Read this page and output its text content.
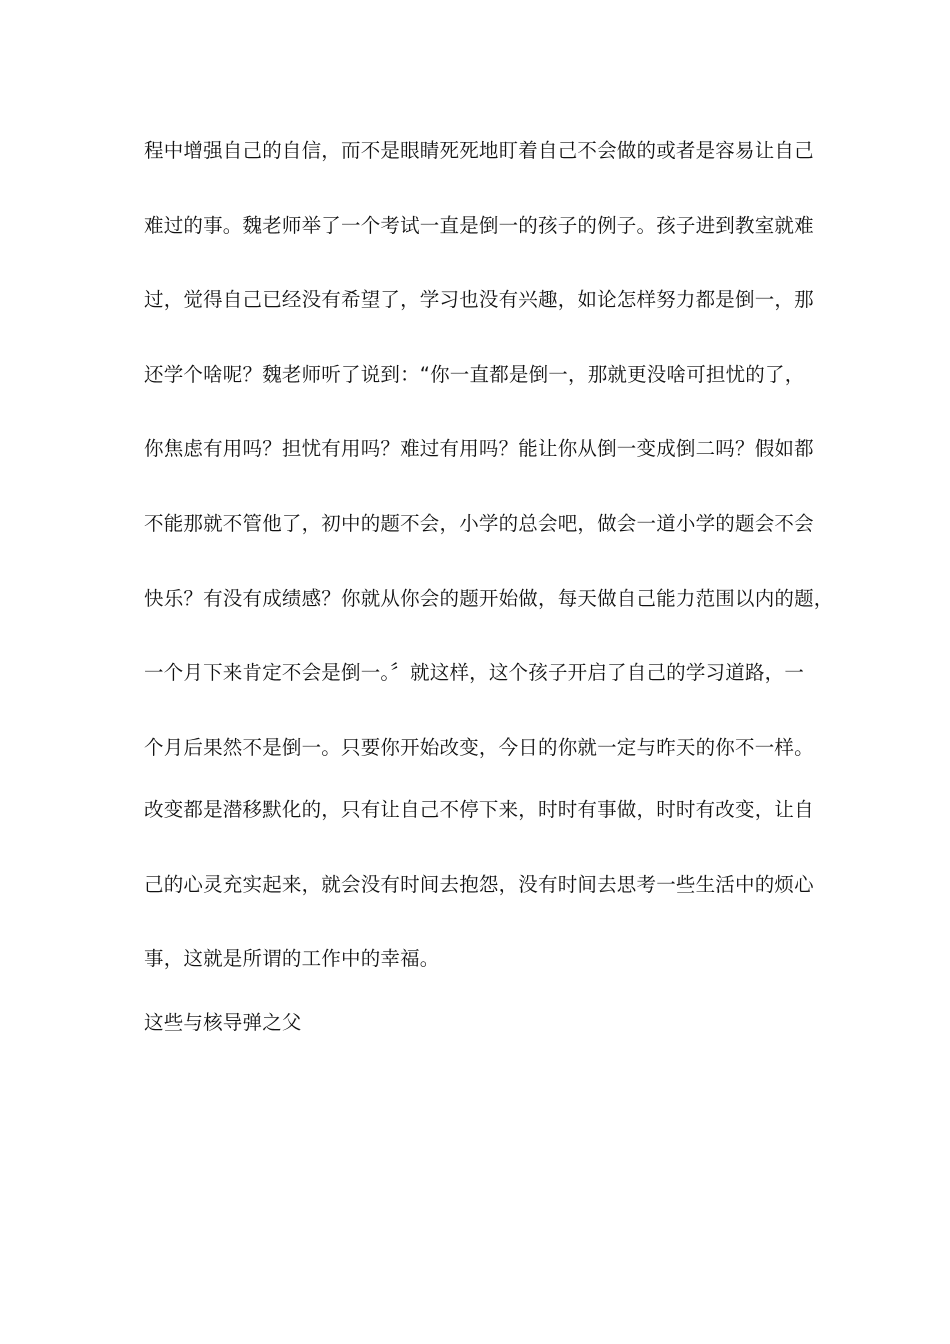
程中增强自己的自信，而不是眼睛死死地盯着自己不会做的或者是容易让自己
难过的事。魏老师举了一个考试一直是倒一的孩子的例子。孩子进到教室就难
过，觉得自己已经没有希望了，学习也没有兴趣，如论怎样努力都是倒一，那
还学个啥呢？魏老师听了说到：“你一直都是倒一，那就更没啥可担忧的了，
你焦虑有用吗？担忧有用吗？难过有用吗？能让你从倒一变成倒二吗？假如都
不能那就不管他了，初中的题不会，小学的总会吧，做会一道小学的题会不会
快乐？有没有成绩感？你就从你会的题开始做，每天做自己能力范围以内的题，
一个月下来肯定不会是倒一。〞就这样，这个孩子开启了自己的学习道路，一
个月后果然不是倒一。只要你开始改变，今日的你就一定与昨天的你不一样。
改变都是潜移默化的，只有让自己不停下来，时时有事做，时时有改变，让自
己的心灵充实起来，就会没有时间去抱怨，没有时间去思考一些生活中的烦心
事，这就是所谓的工作中的幸福。
这些与核导弹之父
